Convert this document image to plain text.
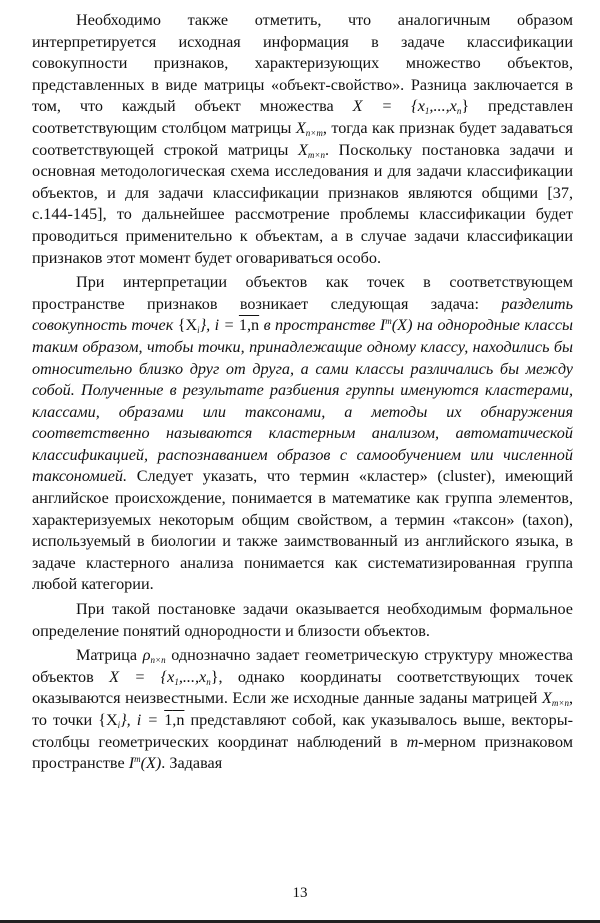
Необходимо также отметить, что аналогичным образом интерпретируется исходная информация в задаче классификации совокупности признаков, характеризующих множество объектов, представленных в виде матрицы «объект-свойство». Разница заключается в том, что каждый объект множества $X = \{x_1,...,x_n\}$ представлен соответствующим столбцом матрицы $X_{n\times m}$, тогда как признак будет задаваться соответствующей строкой матрицы $X_{m\times n}$. Поскольку постановка задачи и основная методологическая схема исследования и для задачи классификации объектов, и для задачи классификации признаков являются общими [37, с.144-145], то дальнейшее рассмотрение проблемы классификации будет проводиться применительно к объектам, а в случае задачи классификации признаков этот момент будет оговариваться особо.

При интерпретации объектов как точек в соответствующем пространстве признаков возникает следующая задача: разделить совокупность точек $\{X_i\}$, i = 1,n в пространстве $I^m(X)$ на однородные классы таким образом, чтобы точки, принадлежащие одному классу, находились бы относительно близко друг от друга, а сами классы различались бы между собой. Полученные в результате разбиения группы именуются кластерами, классами, образами или таксонами, а методы их обнаружения соответственно называются кластерным анализом, автоматической классификацией, распознаванием образов с самообучением или численной таксономией. Следует указать, что термин «кластер» (cluster), имеющий английское происхождение, понимается в математике как группа элементов, характеризуемых некоторым общим свойством, а термин «таксон» (taxon), используемый в биологии и также заимствованный из английского языка, в задаче кластерного анализа понимается как систематизированная группа любой категории.

При такой постановке задачи оказывается необходимым формальное определение понятий однородности и близости объектов.

Матрица $\rho_{n\times n}$ однозначно задает геометрическую структуру множества объектов $X = \{x_1,...,x_n\}$, однако координаты соответствующих точек оказываются неизвестными. Если же исходные данные заданы матрицей $X_{m\times n}$, то точки $\{X_i\}$, i = 1,n представляют собой, как указывалось выше, векторы-столбцы геометрических координат наблюдений в m-мерном признаковом пространстве $I^m(X)$. Задавая

13
